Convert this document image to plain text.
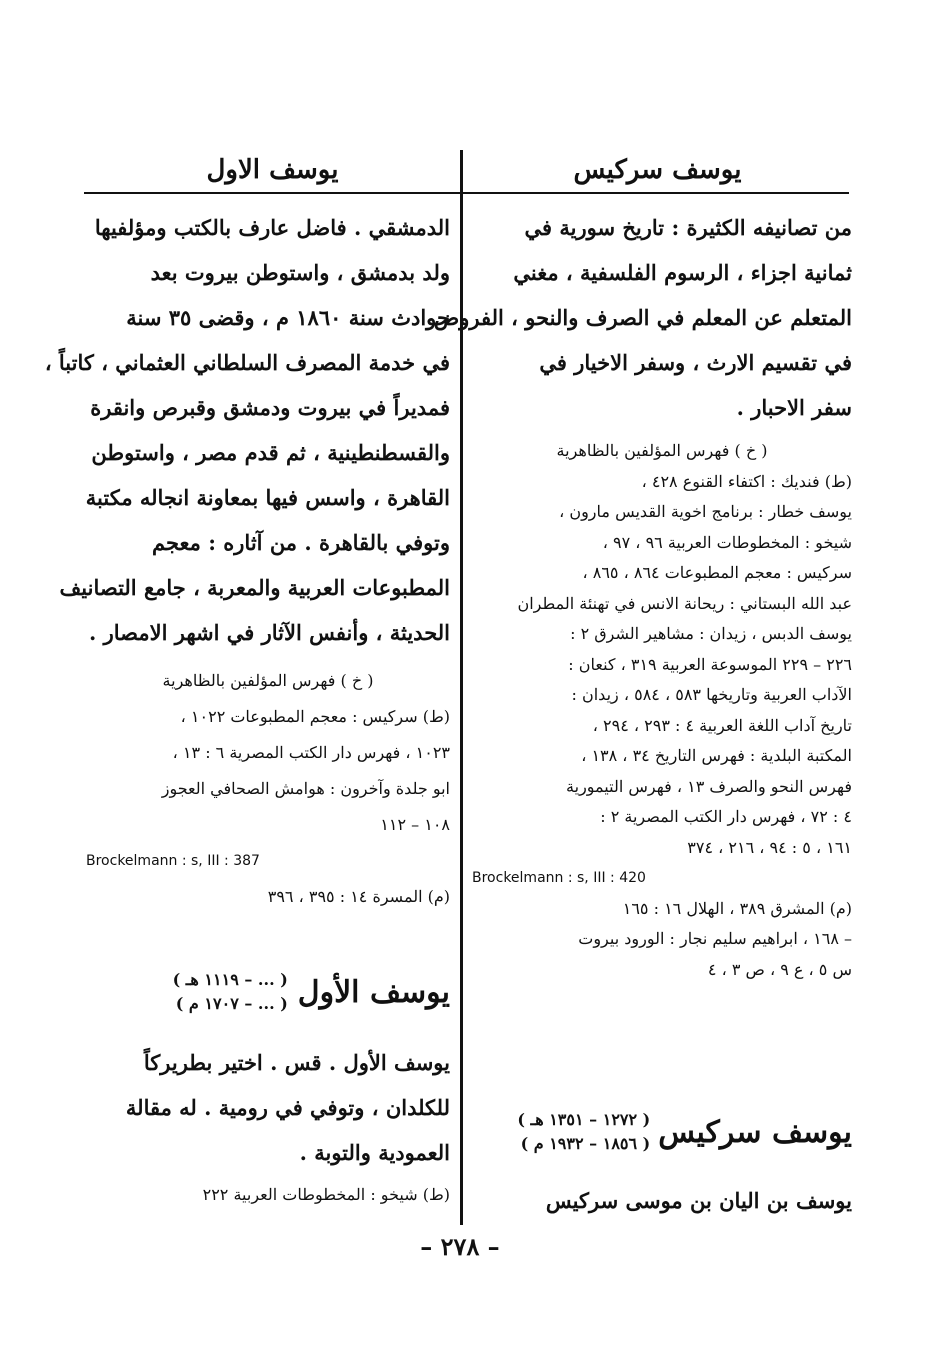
يوسف سركيس
يوسف الاول
من تصانيفه الكثيرة : تاريخ سورية في
ثمانية اجزاء ، الرسوم الفلسفية ، مغني
المتعلم عن المعلم في الصرف والنحو ، الفروض
في تقسيم الارث ، وسفر الاخيار في
سفر الاحبار .
( خ ) فهرس المؤلفين بالظاهرية
(ط) فنديك : اكتفاء القنوع ٤٢٨ ،
يوسف خطار : برنامج اخوية القديس مارون ،
شيخو : المخطوطات العربية ٩٦ ، ٩٧ ،
سركيس : معجم المطبوعات ٨٦٤ ، ٨٦٥ ،
عبد الله البستاني : ريحانة الانس في تهنئة المطران
يوسف الدبس ، زيدان : مشاهير الشرق ٢ :
٢٢٦ – ٢٢٩ الموسوعة العربية ٣١٩ ، كنعان :
الآداب العربية وتاريخها ٥٨٣ ، ٥٨٤ ، زيدان :
تاريخ آداب اللغة العربية ٤ : ٢٩٣ ، ٢٩٤ ،
المكتبة البلدية : فهرس التاريخ ٣٤ ، ١٣٨ ،
فهرس النحو والصرف ١٣ ، فهرس التيمورية
٤ : ٧٢ ، فهرس دار الكتب المصرية ٢ :
١٦١ ، ٥ : ٩٤ ، ٢١٦ ، ٣٧٤
Brockelmann : s, III : 420
(م) المشرق ٣٨٩ ، الهلال ١٦ : ١٦٥
– ١٦٨ ، ابراهيم سليم نجار : الورود بيروت
س ٥ ، ع ٩ ، ص ٣ ، ٤
يوسف سركيس
( ١٢٧٢ – ١٣٥١ هـ )
( ١٨٥٦ – ١٩٣٢ م )
يوسف بن اليان بن موسى سركيس
الدمشقي . فاضل عارف بالكتب ومؤلفيها
ولد بدمشق ، واستوطن بيروت بعد
حوادث سنة ١٨٦٠ م ، وقضى ٣٥ سنة
في خدمة المصرف السلطاني العثماني ، كاتباً ،
فمديراً في بيروت ودمشق وقبرص وانقرة
والقسطنطينية ، ثم قدم مصر ، واستوطن
القاهرة ، واسس فيها بمعاونة انجاله مكتبة
وتوفي بالقاهرة . من آثاره : معجم
المطبوعات العربية والمعربة ، جامع التصانيف
الحديثة ، وأنفس الآثار في اشهر الامصار .
( خ ) فهرس المؤلفين بالظاهرية
(ط) سركيس : معجم المطبوعات ١٠٢٢ ،
١٠٢٣ ، فهرس دار الكتب المصرية ٦ : ١٣ ،
ابو جلدة وآخرون : هوامش الصحافي العجوز
١٠٨ – ١١٢
Brockelmann : s, III : 387
(م) المسرة ١٤ : ٣٩٥ ، ٣٩٦
يوسف الأول
( ... – ١١١٩ هـ )
( ... – ١٧٠٧ م )
يوسف الأول . قس . اختير بطريركاً
للكلدان ، وتوفي في رومية . له مقالة
العمودية والتوبة .
(ط) شيخو : المخطوطات العربية ٢٢٢
– ٢٧٨ –
